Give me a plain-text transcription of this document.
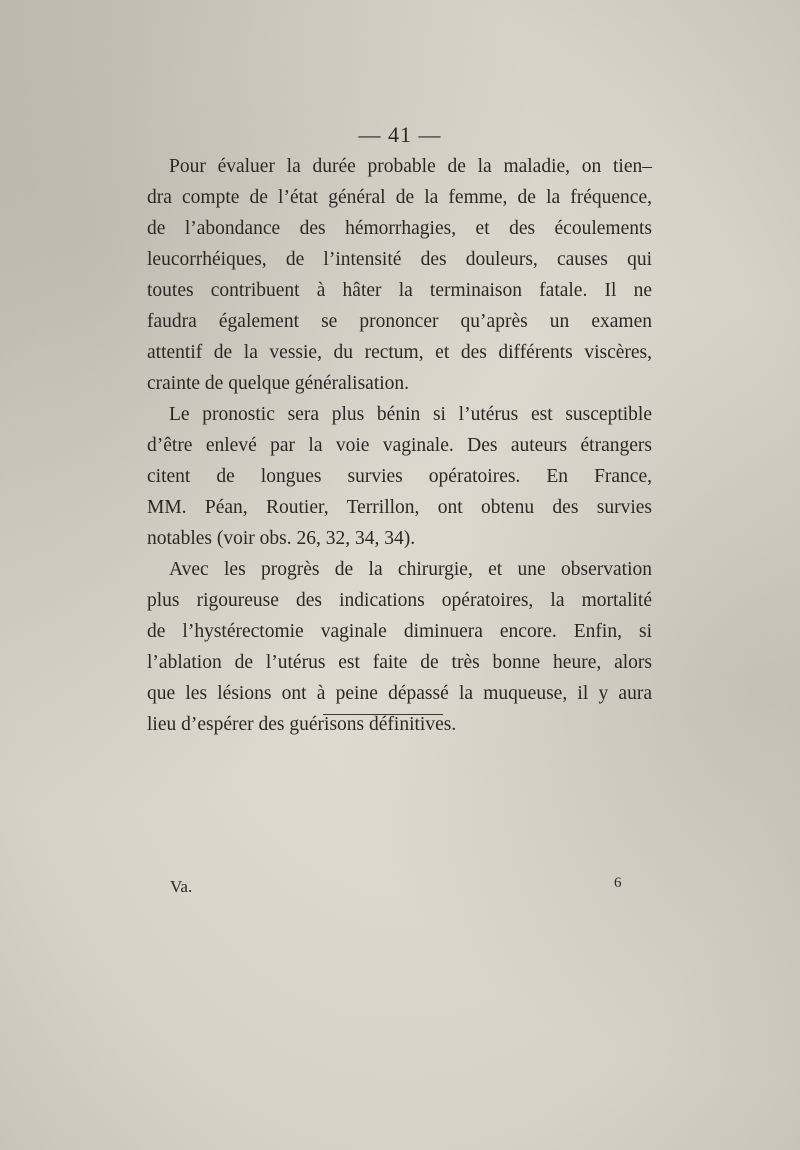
— 41 —
Pour évaluer la durée probable de la maladie, on tien–
dra compte de l’état général de la femme, de la fréquence,
de l’abondance des hémorrhagies, et des écoulements
leucorrhéiques, de l’intensité des douleurs, causes qui
toutes contribuent à hâter la terminaison fatale. Il ne
faudra également se prononcer qu’après un examen
attentif de la vessie, du rectum, et des différents viscères,
crainte de quelque généralisation.
Le pronostic sera plus bénin si l’utérus est susceptible
d’être enlevé par la voie vaginale. Des auteurs étrangers
citent de longues survies opératoires. En France,
MM. Péan, Routier, Terrillon, ont obtenu des survies
notables (voir obs. 26, 32, 34, 34).
Avec les progrès de la chirurgie, et une observation
plus rigoureuse des indications opératoires, la mortalité
de l’hystérectomie vaginale diminuera encore. Enfin, si
l’ablation de l’utérus est faite de très bonne heure, alors
que les lésions ont à peine dépassé la muqueuse, il y aura
lieu d’espérer des guérisons définitives.
Va.	6
